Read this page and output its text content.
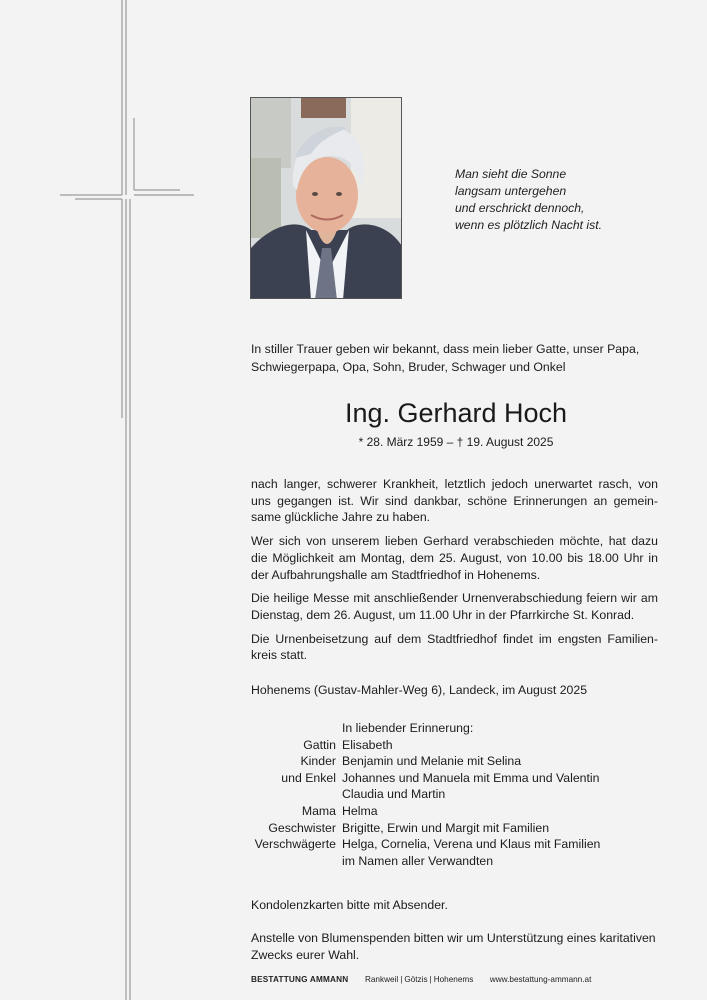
Man sieht die Sonne
langsam untergehen
und erschrickt dennoch,
wenn es plötzlich Nacht ist.
In stiller Trauer geben wir bekannt, dass mein lieber Gatte, unser Papa, Schwiegerpapa, Opa, Sohn, Bruder, Schwager und Onkel
Ing. Gerhard Hoch
* 28. März 1959 – † 19. August 2025

nach langer, schwerer Krankheit, letztlich jedoch unerwartet rasch, von uns gegangen ist. Wir sind dankbar, schöne Erinnerungen an gemein-same glückliche Jahre zu haben.

Wer sich von unserem lieben Gerhard verabschieden möchte, hat dazu die Möglichkeit am Montag, dem 25. August, von 10.00 bis 18.00 Uhr in der Aufbahrungshalle am Stadtfriedhof in Hohenems.

Die heilige Messe mit anschließender Urnenverabschiedung feiern wir am Dienstag, dem 26. August, um 11.00 Uhr in der Pfarrkirche St. Konrad.

Die Urnenbeisetzung auf dem Stadtfriedhof findet im engsten Familien-kreis statt.

Hohenems (Gustav-Mahler-Weg 6), Landeck, im August 2025
In liebender Erinnerung:
Gattin Elisabeth
Kinder Benjamin und Melanie mit Selina
und Enkel Johannes und Manuela mit Emma und Valentin
Claudia und Martin
Mama Helma
Geschwister Brigitte, Erwin und Margit mit Familien
Verschwägerte Helga, Cornelia, Verena und Klaus mit Familien
im Namen aller Verwandten
Kondolenzkarten bitte mit Absender.
Anstelle von Blumenspenden bitten wir um Unterstützung eines karitativen Zwecks eurer Wahl.
BESTATTUNG AMMANN Rankweil | Götzis | Hohenems www.bestattung-ammann.at
